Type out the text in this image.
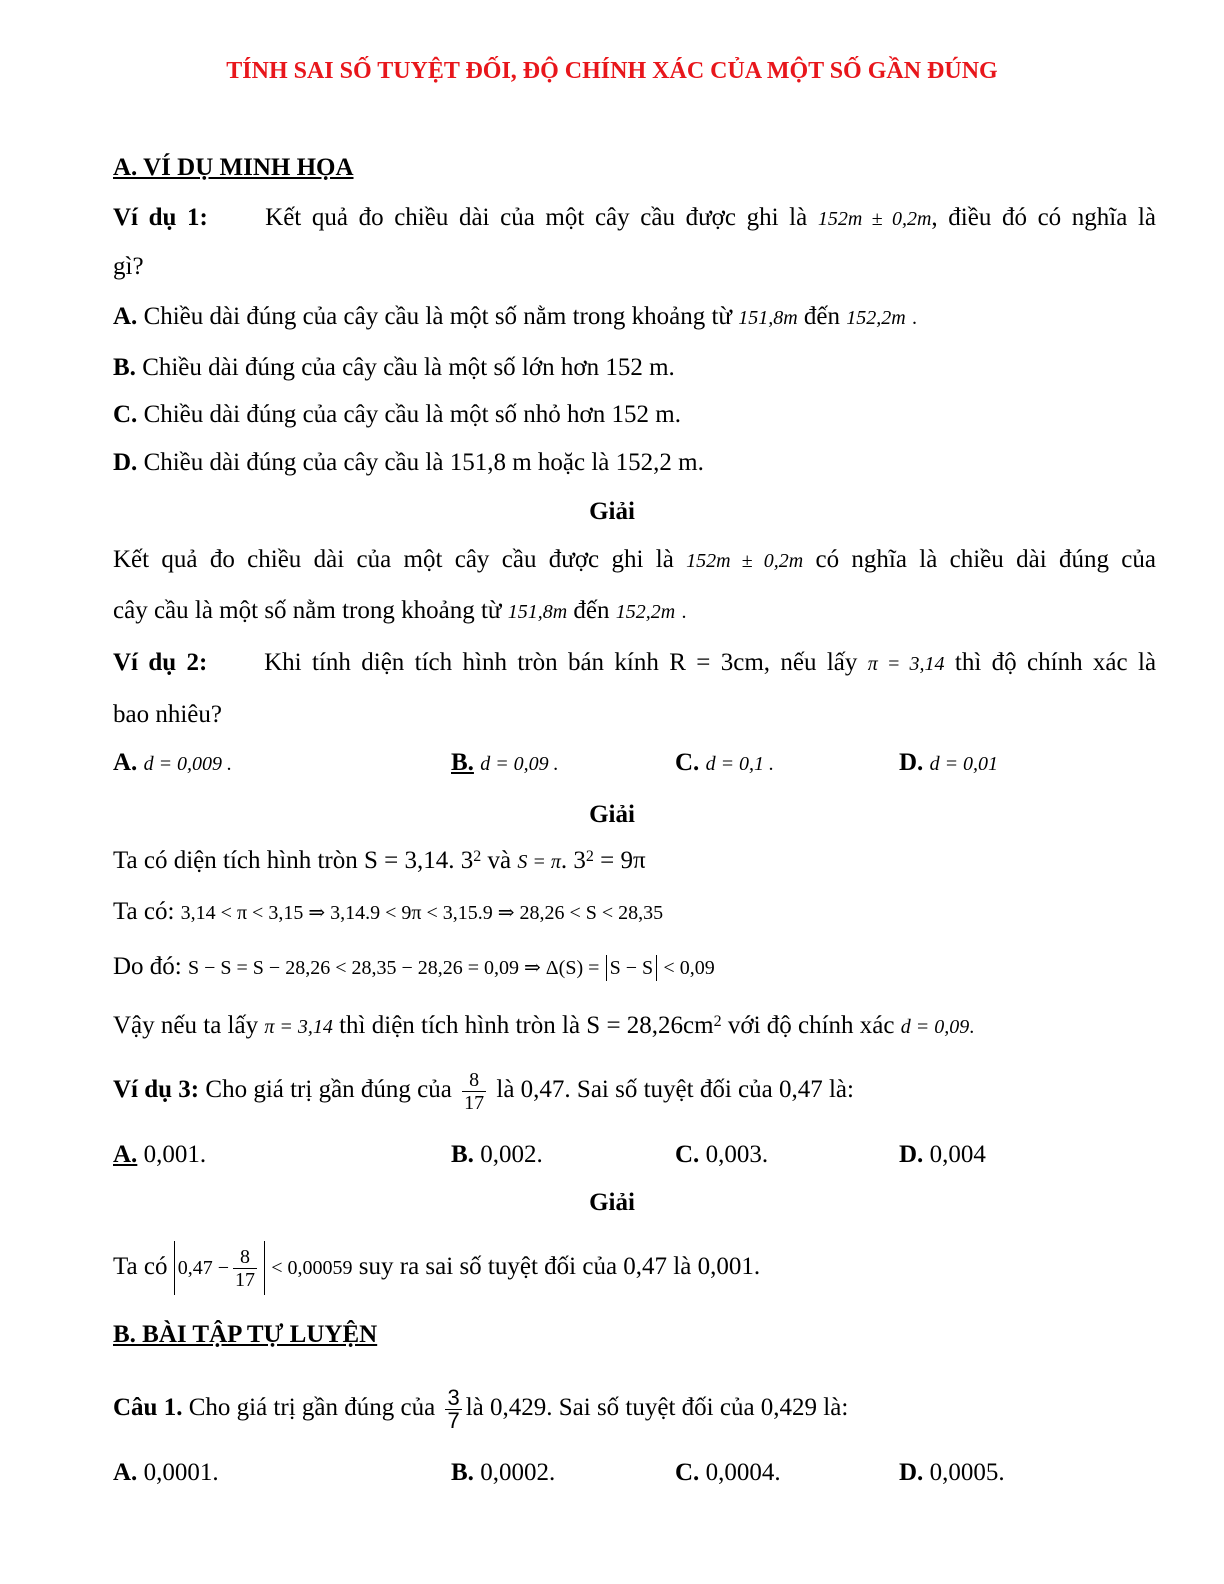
TÍNH SAI SỐ TUYỆT ĐỐI, ĐỘ CHÍNH XÁC CỦA MỘT SỐ GẦN ĐÚNG
A. VÍ DỤ MINH HỌA
Ví dụ 1: Kết quả đo chiều dài của một cây cầu được ghi là 152m ± 0,2m, điều đó có nghĩa là
gì?
A. Chiều dài đúng của cây cầu là một số nằm trong khoảng từ 151,8m đến 152,2m .
B. Chiều dài đúng của cây cầu là một số lớn hơn 152 m.
C. Chiều dài đúng của cây cầu là một số nhỏ hơn 152 m.
D. Chiều dài đúng của cây cầu là 151,8 m hoặc là 152,2 m.
Giải
Kết quả đo chiều dài của một cây cầu được ghi là 152m ± 0,2m có nghĩa là chiều dài đúng của
cây cầu là một số nằm trong khoảng từ 151,8m đến 152,2m .
Ví dụ 2: Khi tính diện tích hình tròn bán kính R = 3cm, nếu lấy π = 3,14 thì độ chính xác là
bao nhiêu?
A. d = 0,009 .	B. d = 0,09 .	C. d = 0,1 .	D. d = 0,01
Giải
Ta có diện tích hình tròn S = 3,14. $3^2$ và S = π. $3^2 = 9\pi$
Ta có: 3,14 < π < 3,15 ⇒ 3,14.9 < 9π < 3,15.9 ⇒ 28,26 < S < 28,35
Do đó: S − S = S − 28,26 < 28,35 − 28,26 = 0,09 ⇒ Δ(S) = S − S < 0,09
Vậy nếu ta lấy π = 3,14 thì diện tích hình tròn là $S = 28,26cm^2$ với độ chính xác d = 0,09.
Ví dụ 3: Cho giá trị gần đúng của $\frac{8}{17}$ là 0,47. Sai số tuyệt đối của 0,47 là:
A. 0,001.	B. 0,002.	C. 0,003.	D. 0,004
Giải
Ta có $0,47 - \frac{8}{17} < 0,00059$ suy ra sai số tuyệt đối của 0,47 là 0,001.
B. BÀI TẬP TỰ LUYỆN
Câu 1. Cho giá trị gần đúng của $\frac{3}{7}$ là 0,429. Sai số tuyệt đối của 0,429 là:
A. 0,0001.	B. 0,0002.	C. 0,0004.	D. 0,0005.
